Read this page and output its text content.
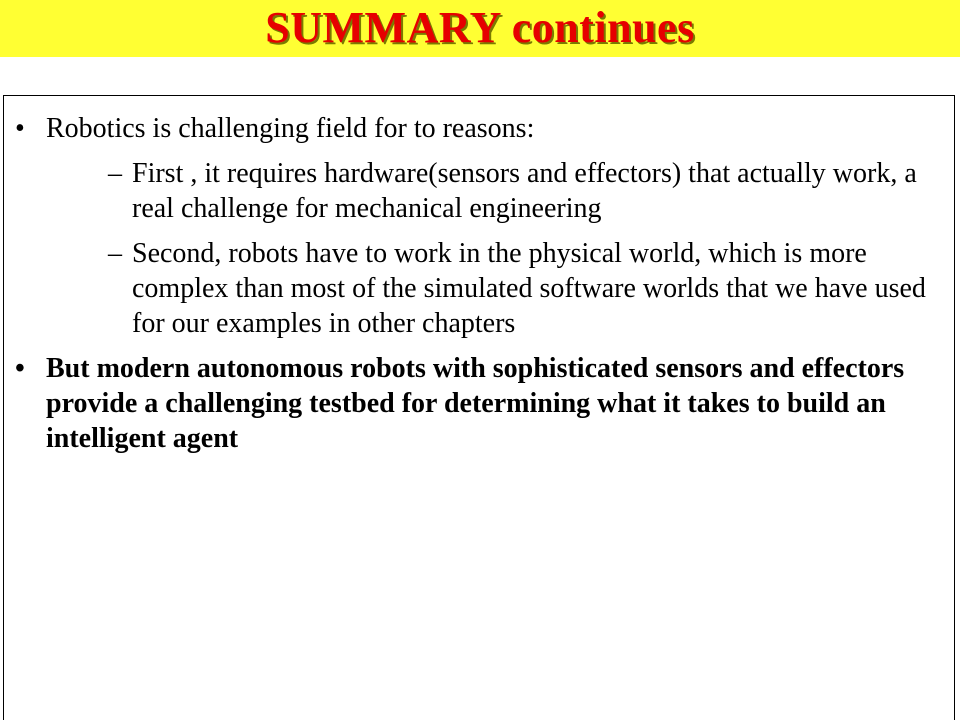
SUMMARY continues
• Robotics is challenging field for to reasons:
– First , it requires hardware(sensors and effectors) that actually work, a real challenge for mechanical engineering
– Second, robots have to work in the physical world, which is more complex than most of the simulated software worlds that we have used for our examples in other chapters
• But modern autonomous robots with sophisticated sensors and effectors provide a challenging testbed for determining what it takes to build an intelligent agent
